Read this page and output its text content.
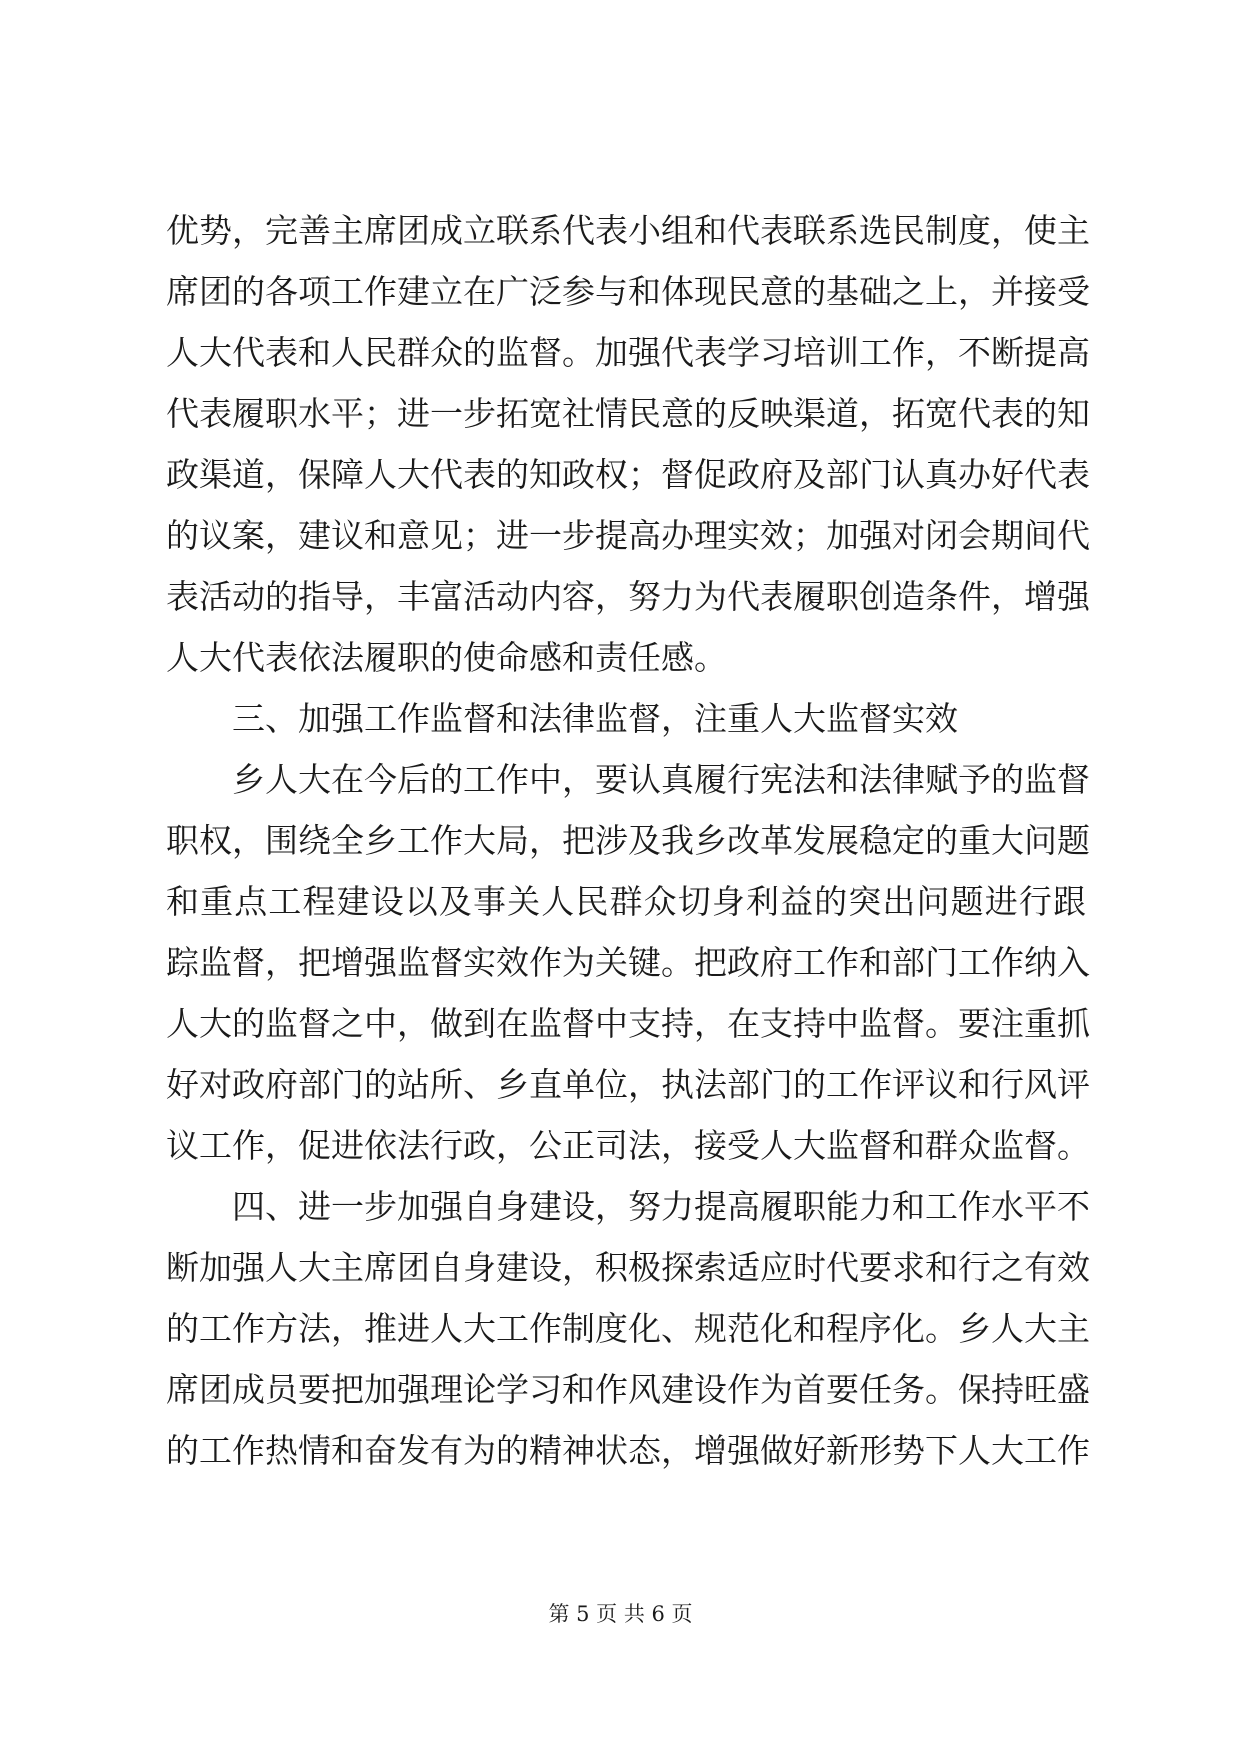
优势，完善主席团成立联系代表小组和代表联系选民制度，使主
席团的各项工作建立在广泛参与和体现民意的基础之上，并接受
人大代表和人民群众的监督。加强代表学习培训工作，不断提高
代表履职水平；进一步拓宽社情民意的反映渠道，拓宽代表的知
政渠道，保障人大代表的知政权；督促政府及部门认真办好代表
的议案，建议和意见；进一步提高办理实效；加强对闭会期间代
表活动的指导，丰富活动内容，努力为代表履职创造条件，增强
人大代表依法履职的使命感和责任感。
三、加强工作监督和法律监督，注重人大监督实效
乡人大在今后的工作中，要认真履行宪法和法律赋予的监督
职权，围绕全乡工作大局，把涉及我乡改革发展稳定的重大问题
和重点工程建设以及事关人民群众切身利益的突出问题进行跟
踪监督，把增强监督实效作为关键。把政府工作和部门工作纳入
人大的监督之中，做到在监督中支持，在支持中监督。要注重抓
好对政府部门的站所、乡直单位，执法部门的工作评议和行风评
议工作，促进依法行政，公正司法，接受人大监督和群众监督。
四、进一步加强自身建设，努力提高履职能力和工作水平不
断加强人大主席团自身建设，积极探索适应时代要求和行之有效
的工作方法，推进人大工作制度化、规范化和程序化。乡人大主
席团成员要把加强理论学习和作风建设作为首要任务。保持旺盛
的工作热情和奋发有为的精神状态，增强做好新形势下人大工作
第 5 页 共 6 页
